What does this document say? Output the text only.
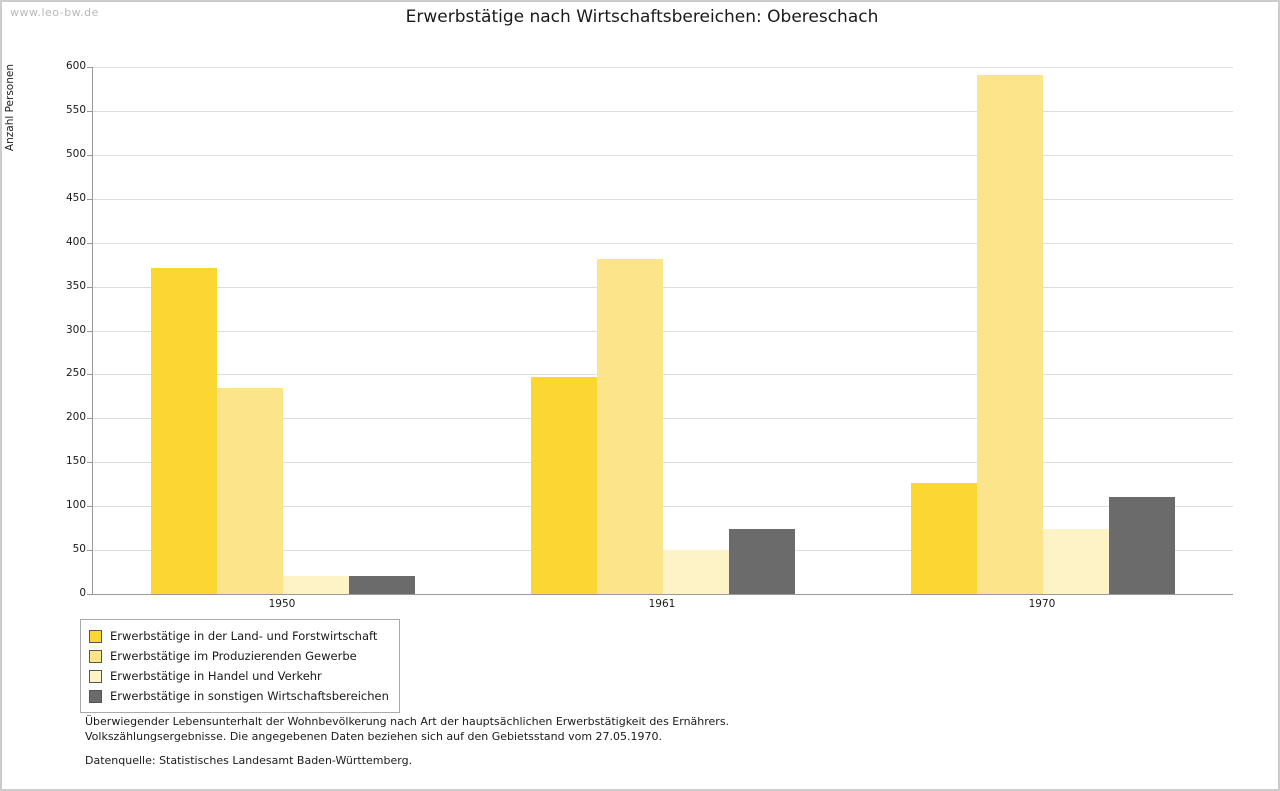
www.leo-bw.de	Erwerbstätige nach Wirtschaftsbereichen: Obereschach
Anzahl Personen
0
50
100
150
200
250
300
350
400
450
500
550
600
1950	1961	1970
Erwerbstätige in der Land- und Forstwirtschaft
Erwerbstätige im Produzierenden Gewerbe
Erwerbstätige in Handel und Verkehr
Erwerbstätige in sonstigen Wirtschaftsbereichen
Überwiegender Lebensunterhalt der Wohnbevölkerung nach Art der hauptsächlichen Erwerbstätigkeit des Ernährers.
Volkszählungsergebnisse. Die angegebenen Daten beziehen sich auf den Gebietsstand vom 27.05.1970.
Datenquelle: Statistisches Landesamt Baden-Württemberg.
